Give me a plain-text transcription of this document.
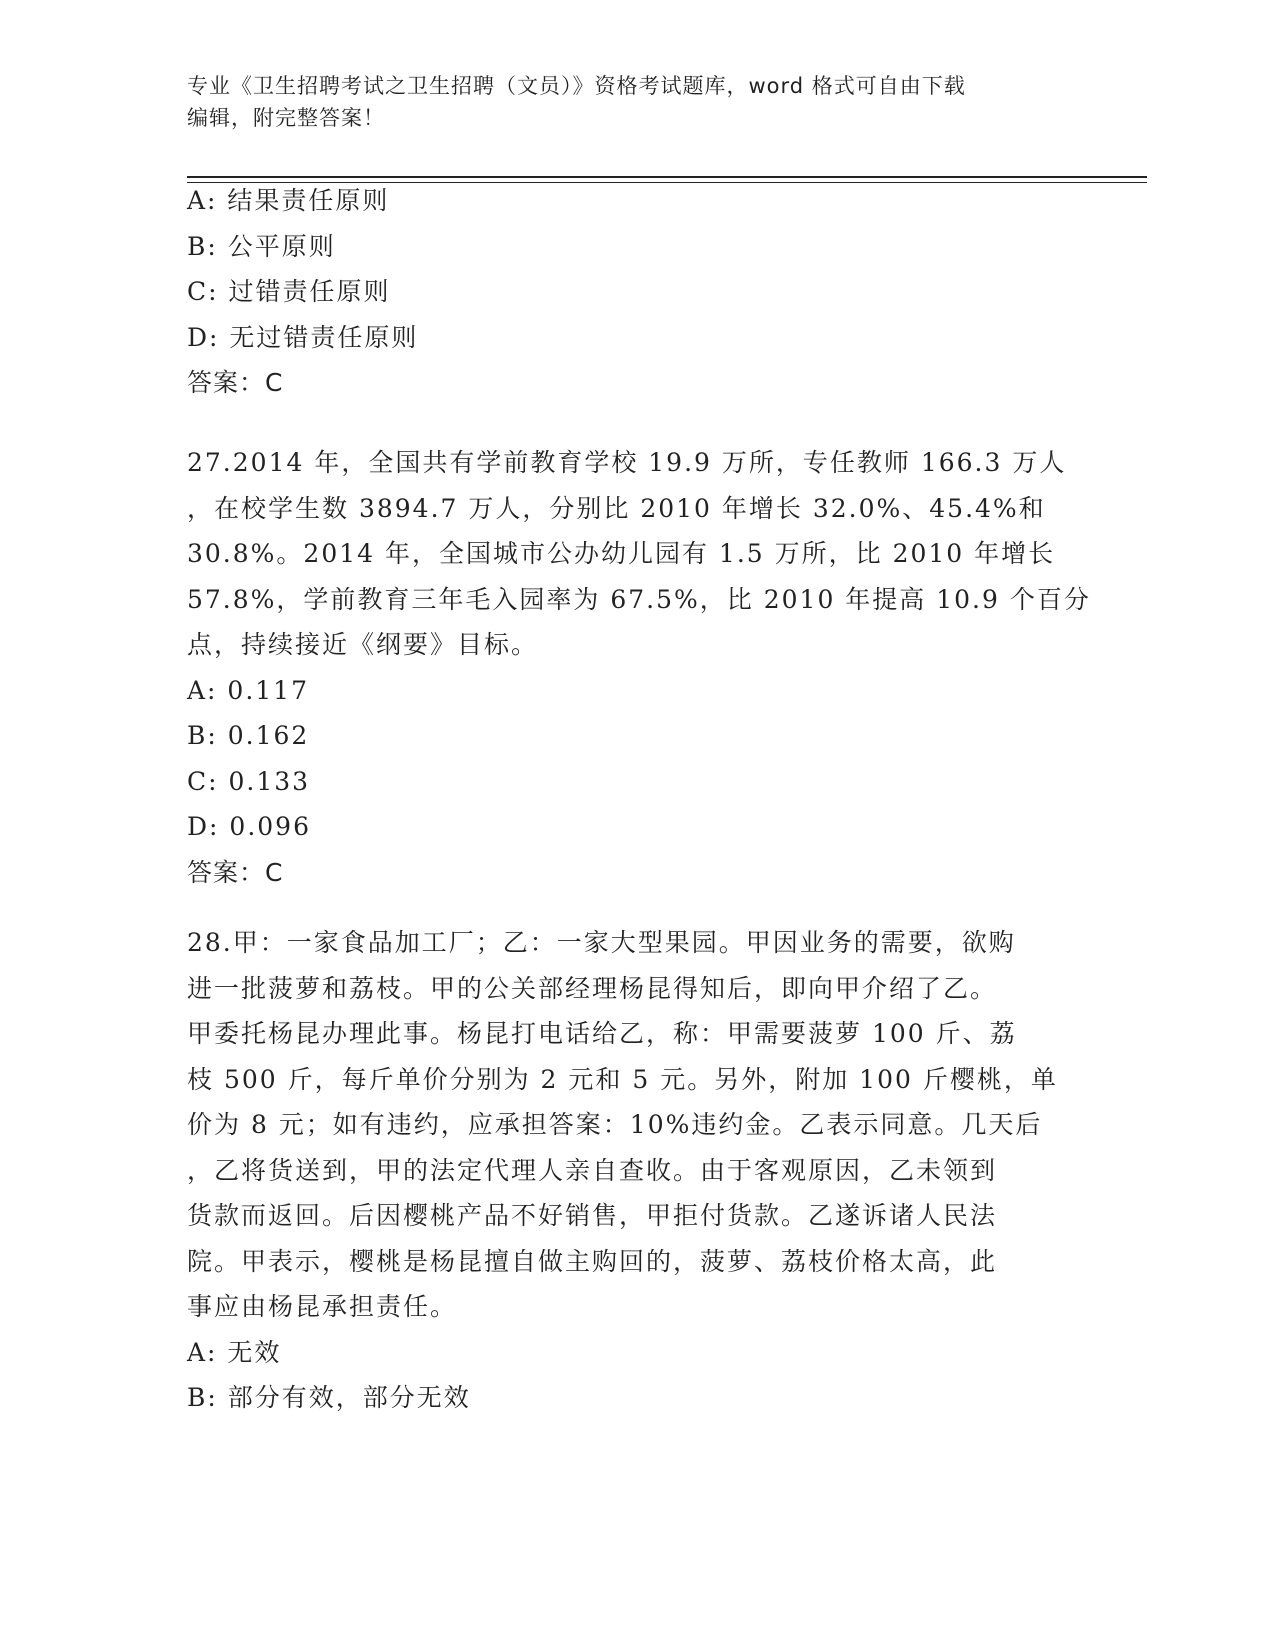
专业《卫生招聘考试之卫生招聘（文员）》资格考试题库，word 格式可自由下载
编辑，附完整答案！
A: 结果责任原则
B: 公平原则
C: 过错责任原则
D: 无过错责任原则
答案：C
27.2014 年，全国共有学前教育学校 19.9 万所，专任教师 166.3 万人
，在校学生数 3894.7 万人，分别比 2010 年增长 32.0%、45.4%和
30.8%。2014 年，全国城市公办幼儿园有 1.5 万所，比 2010 年增长
57.8%，学前教育三年毛入园率为 67.5%，比 2010 年提高 10.9 个百分
点，持续接近《纲要》目标。
A: 0.117
B: 0.162
C: 0.133
D: 0.096
答案：C
28.甲：一家食品加工厂；乙：一家大型果园。甲因业务的需要，欲购
进一批菠萝和荔枝。甲的公关部经理杨昆得知后，即向甲介绍了乙。
甲委托杨昆办理此事。杨昆打电话给乙，称：甲需要菠萝 100 斤、荔
枝 500 斤，每斤单价分别为 2 元和 5 元。另外，附加 100 斤樱桃，单
价为 8 元；如有违约，应承担答案：10%违约金。乙表示同意。几天后
，乙将货送到，甲的法定代理人亲自查收。由于客观原因，乙未领到
货款而返回。后因樱桃产品不好销售，甲拒付货款。乙遂诉诸人民法
院。甲表示，樱桃是杨昆擅自做主购回的，菠萝、荔枝价格太高，此
事应由杨昆承担责任。
A: 无效
B: 部分有效，部分无效
